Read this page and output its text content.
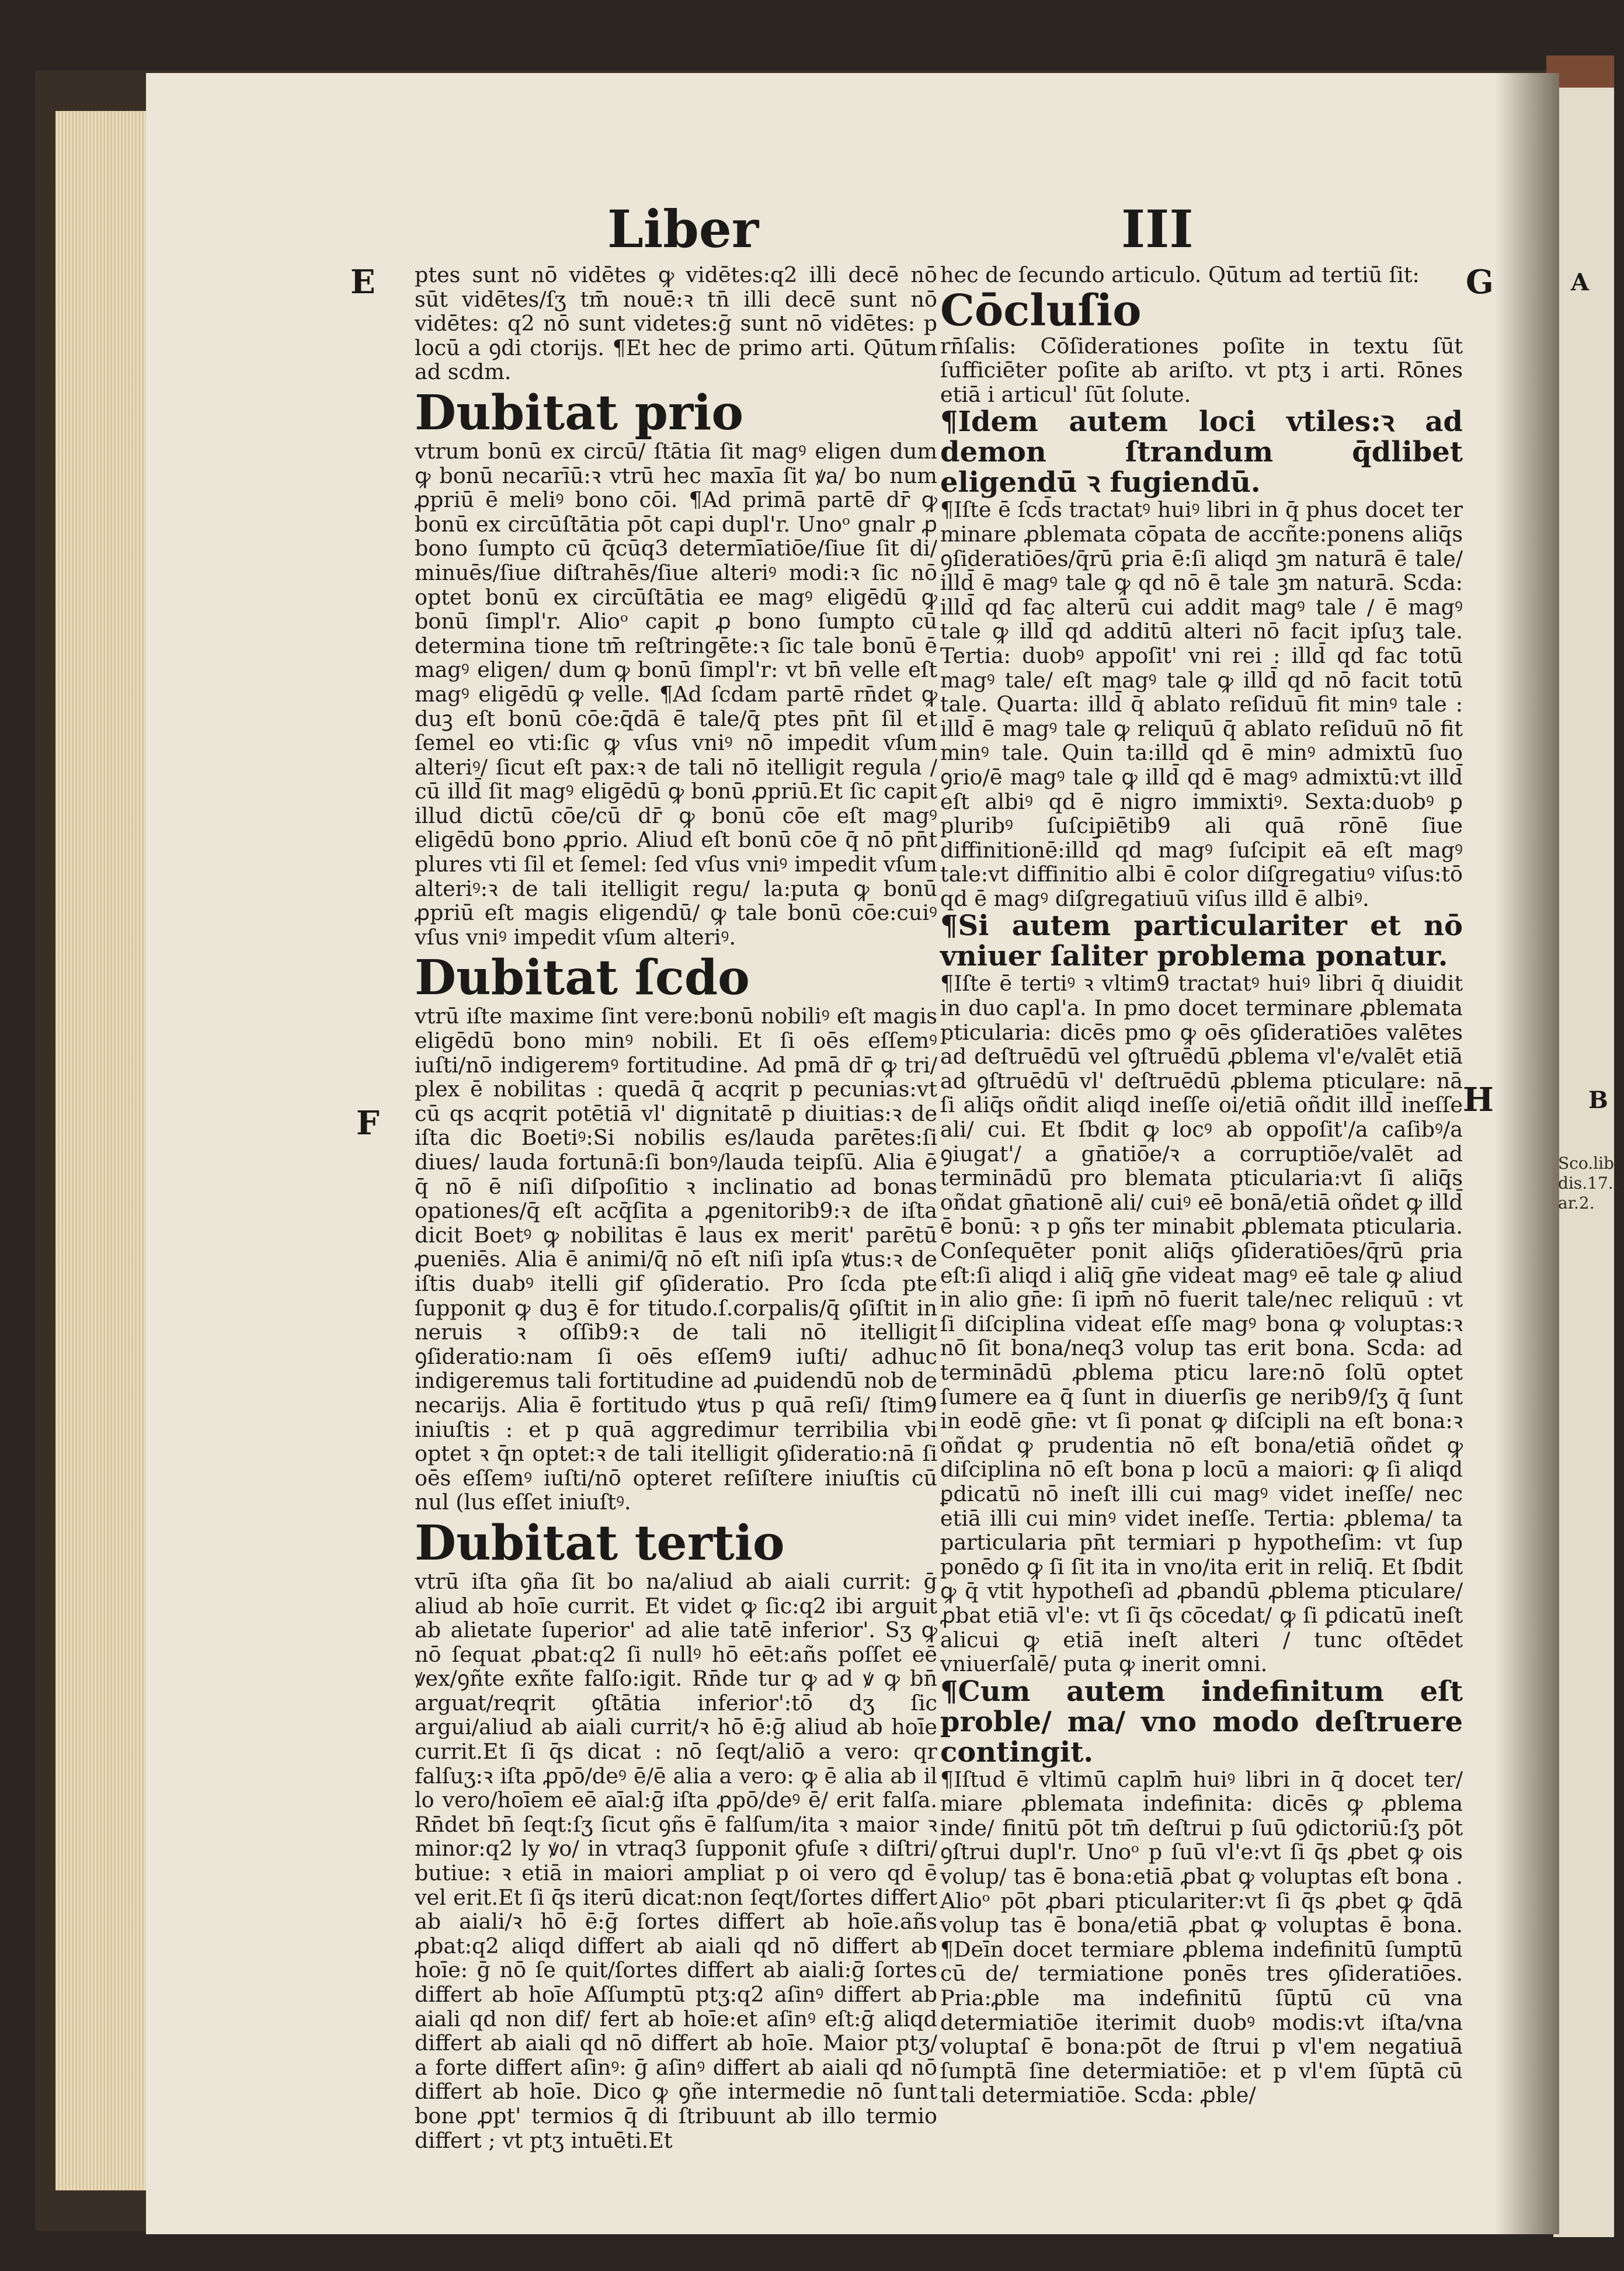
Liber	III
E
F
G
H
A
B
Sco.lib.
dis.17.q
ar.2.

ptes sunt nō vidētes ꝙ vidētes:q2 illi decē nō sūt vidētes/ſʒ tm̄ nouē:ꝛ tn̄ illi decē sunt nō vidētes: q2 nō sunt videtes:ḡ sunt nō vidētes: p locū a ꝯdi ctorijs. ¶Et hec de primo arti. Qūtum ad scdm.

Dubitat prio

vtrum bonū ex circū/ ſtātia ſit magꝰ eligen dum ꝙ bonū necarīū:ꝛ vtrū hec maxīa ſit ꝟa/ bo num ꝓpriū ē meliꝰ bono cōi. ¶Ad primā partē dr̄ ꝙ bonū ex circūſtātia pōt capi dupl'r. Unoᵒ gnalr ꝓ bono ſumpto cū q̄cūq3 determīatiōe/ſiue ſit di/ minuēs/ſiue diſtrahēs/ſiue alteriꝰ modi:ꝛ ſic nō optet bonū ex circūſtātia ee magꝰ eligēdū ꝙ bonū ſimpl'r. Alioᵒ capit ꝓ bono ſumpto cū determina tione tm̄ reſtringēte:ꝛ ſic tale bonū ē magꝰ eligen/ dum ꝙ bonū ſimpl'r: vt bn̄ velle eſt magꝰ eligēdū ꝙ velle. ¶Ad ſcdam partē rn̄det ꝙ duꝫ eſt bonū cōe:q̄dā ē tale/q̄ ptes pn̄t ſil et ſemel eo vti:ſic ꝙ vſus vniꝰ nō impedit vſum alteriꝰ/ ſicut eſt pax:ꝛ de tali nō itelligit regula / cū illd̄ ſit magꝰ eligēdū ꝙ bonū ꝓpriū.Et ſic capit illud dictū cōe/cū dr̄ ꝙ bonū cōe eſt magꝰ eligēdū bono ꝓprio. Aliud eſt bonū cōe q̄ nō pn̄t plures vti ſil et ſemel: ſed vſus vniꝰ impedit vſum alteriꝰ:ꝛ de tali itelligit regu/ la:puta ꝙ bonū ꝓpriū eſt magis eligendū/ ꝙ tale bonū cōe:cuiꝰ vſus vniꝰ impedit vſum alteriꝰ.

Dubitat ſcdo

vtrū iſte maxime ſint vere:bonū nobiliꝰ eſt magis eligēdū bono minꝰ nobili. Et ſi oēs eſſemꝰ iuſti/nō indigeremꝰ fortitudine. Ad pmā dr̄ ꝙ tri/ plex ē nobilitas : quedā q̄ acqrit p pecunias:vt cū qs acqrit potētiā vl' dignitatē p diuitias:ꝛ de iſta dic Boetiꝰ:Si nobilis es/lauda parētes:ſi diues/ lauda fortunā:ſi bonꝰ/lauda teipſū. Alia ē q̄ nō ē niſi diſpoſitio ꝛ inclinatio ad bonas opationes/q̄ eſt acq̄ſita a ꝓgenitorib9:ꝛ de iſta dicit Boetꝰ ꝙ nobilitas ē laus ex merit' parētū ꝓueniēs. Alia ē animi/q̄ nō eſt niſi ipſa ꝟtus:ꝛ de iſtis duabꝰ itelli gif ꝯſideratio. Pro ſcda pte ſupponit ꝙ duꝫ ē for titudo.ſ.corpalis/q̄ ꝯſiſtit in neruis ꝛ oſſib9:ꝛ de tali nō itelligit ꝯſideratio:nam ſi oēs eſſem9 iuſti/ adhuc indigeremus tali fortitudine ad ꝓuidendū nob de necarijs. Alia ē fortitudo ꝟtus p quā reſi/ ſtim9 iniuſtis : et p quā aggredimur terribilia vbi optet ꝛ q̄n optet:ꝛ de tali itelligit ꝯſideratio:nā ſi oēs eſſemꝰ iuſti/nō opteret reſiſtere iniuſtis cū nul (lus eſſet iniuſtꝰ.

Dubitat tertio

vtrū iſta ꝯña ſit bo na/aliud ab aiali currit: ḡ aliud ab hoīe currit. Et videt ꝙ ſic:q2 ibi arguit ab alietate ſuperior' ad alie tatē inferior'. Sʒ ꝙ nō ſequat ꝓbat:q2 ſi nullꝰ hō eēt:añs poſſet eē ꝟex/ꝯñte exñte falſo:igit. Rn̄de tur ꝙ ad ꝟ ꝙ bn̄ arguat/reqrit ꝯſtātia inferior':tō dʒ ſic argui/aliud ab aiali currit/ꝛ hō ē:ḡ aliud ab hoīe currit.Et ſi q̄s dicat : nō ſeqt/aliō a vero: qr falſuʒ:ꝛ iſta ꝓpō/deꝰ ē/ē alia a vero: ꝙ ē alia ab il lo vero/hoīem eē aīal:ḡ iſta ꝓpō/deꝰ ē/ erit falſa. Rn̄det bn̄ ſeqt:ſʒ ſicut ꝯñs ē falſum/ita ꝛ maior ꝛ minor:q2 ly ꝟo/ in vtraq3 ſupponit ꝯfuſe ꝛ diſtri/ butiue: ꝛ etiā in maiori ampliat p oi vero qd ē vel erit.Et ſi q̄s iterū dicat:non ſeqt/ſortes differt ab aiali/ꝛ hō ē:ḡ ſortes differt ab hoīe.añs ꝓbat:q2 aliqd differt ab aiali qd nō differt ab hoīe: ḡ nō ſe quit/ſortes differt ab aiali:ḡ ſortes differt ab hoīe Aſſumptū ptʒ:q2 aſinꝰ differt ab aiali qd non dif/ fert ab hoīe:et aſinꝰ eſt:ḡ aliqd differt ab aiali qd nō differt ab hoīe. Maior ptʒ/ a forte differt aſinꝰ: ḡ aſinꝰ differt ab aiali qd nō differt ab hoīe. Dico ꝙ ꝯñe intermedie nō ſunt bone ꝓpt' termios q̄ di ſtribuunt ab illo termio differt ; vt ptʒ intuēti.Et

hec de ſecundo articulo. Qūtum ad tertiū ſit:

Cōcluſio

rn̄ſalis: Cōſiderationes poſite in textu ſūt ſufficiēter poſite ab ariſto. vt ptʒ i arti. Rōnes etiā i articul' ſūt ſolute.

¶Idem autem loci vtiles:ꝛ ad demon ſtrandum q̄dlibet eligendū ꝛ fugiendū.

¶Iſte ē ſcd̄s tractatꝰ huiꝰ libri in q̄ phus docet ter minare ꝓblemata cōpata de accñte:ponens aliq̄s ꝯſideratiōes/q̄rū ꝑria ē:ſi aliqd ꝫm naturā ē tale/ illd̄ ē magꝰ tale ꝙ qd nō ē tale ꝫm naturā. Scda: illd̄ qd fac alterū cui addit magꝰ tale / ē magꝰ tale ꝙ illd̄ qd additū alteri nō facit ipſuʒ tale. Tertia: duobꝰ appoſit' vni rei : illd̄ qd fac totū magꝰ tale/ eſt magꝰ tale ꝙ illd̄ qd nō facit totū tale. Quarta: illd̄ q̄ ablato reſiduū fit minꝰ tale : illd̄ ē magꝰ tale ꝙ reliquū q̄ ablato reſiduū nō fit minꝰ tale. Quin ta:illd̄ qd ē minꝰ admixtū ſuo ꝯrio/ē magꝰ tale ꝙ illd̄ qd ē magꝰ admixtū:vt illd̄ eſt albiꝰ qd ē nigro immixtiꝰ. Sexta:duobꝰ ꝑ pluribꝰ ſuſcipiētib9 ali quā rōnē ſiue diffinitionē:illd̄ qd magꝰ ſuſcipit eā eſt magꝰ tale:vt diffinitio albi ē color diſgregatiuꝰ viſus:tō qd ē magꝰ diſgregatiuū viſus illd̄ ē albiꝰ.

¶Si autem particulariter et nō vniuer ſaliter problema ponatur.

¶Iſte ē tertiꝰ ꝛ vltim9 tractatꝰ huiꝰ libri q̄ diuidit in duo capl'a. In pmo docet terminare ꝓblemata pticularia: dicēs pmo ꝙ oēs ꝯſideratiōes valētes ad deſtruēdū vel ꝯſtruēdū ꝓblema vl'e/valēt etiā ad ꝯſtruēdū vl' deſtruēdū ꝓblema pticulare: nā ſi aliq̄s oñdit aliqd ineſſe oi/etiā oñdit illd̄ ineſſe ali/ cui. Et ſbdit ꝙ locꝰ ab oppoſit'/a caſibꝰ/a ꝯiugat'/ a gn̄atiōe/ꝛ a corruptiōe/valēt ad terminādū pro blemata pticularia:vt ſi aliq̄s oñdat gn̄ationē ali/ cuiꝰ eē bonā/etiā oñdet ꝙ illd̄ ē bonū: ꝛ p ꝯñs ter minabit ꝓblemata pticularia. Conſequēter ponit aliq̄s ꝯſideratiōes/q̄rū ꝑria eſt:ſi aliqd i aliq̄ gn̄e videat magꝰ eē tale ꝙ aliud in alio gn̄e: ſi ipm̄ nō fuerit tale/nec reliquū : vt ſi diſciplina videat eſſe magꝰ bona ꝙ voluptas:ꝛ nō ſit bona/neq3 volup tas erit bona. Scda: ad terminādū ꝓblema pticu lare:nō ſolū optet ſumere ea q̄ ſunt in diuerſis ge nerib9/ſʒ q̄ ſunt in eodē gn̄e: vt ſi ponat ꝙ diſcipli na eſt bona:ꝛ oñdat ꝙ prudentia nō eſt bona/etiā oñdet ꝙ diſciplina nō eſt bona p locū a maiori: ꝙ ſi aliqd ꝑdicatū nō ineſt illi cui magꝰ videt ineſſe/ nec etiā illi cui minꝰ videt ineſſe. Tertia: ꝓblema/ ta particularia pn̄t termiari p hypotheſim: vt ſup ponēdo ꝙ ſi ſit ita in vno/ita erit in reliq̄. Et ſbdit ꝙ q̄ vtit hypotheſi ad ꝓbandū ꝓblema pticulare/ ꝓbat etiā vl'e: vt ſi q̄s cōcedat/ ꝙ ſi ꝑdicatū ineſt alicui ꝙ etiā ineſt alteri / tunc oſtēdet vniuerſalē/ puta ꝙ inerit omni.

¶Cum autem indefinitum eſt proble/ ma/ vno modo deſtruere contingit.

¶Iſtud ē vltimū caplm̄ huiꝰ libri in q̄ docet ter/ miare ꝓblemata indefinita: dicēs ꝙ ꝓblema inde/ finitū pōt tm̄ deſtrui p ſuū ꝯdictoriū:ſʒ pōt ꝯſtrui dupl'r. Unoᵒ p ſuū vl'e:vt ſi q̄s ꝓbet ꝙ ois volup/ tas ē bona:etiā ꝓbat ꝙ voluptas eſt bona . Alioᵒ pōt ꝓbari pticulariter:vt ſi q̄s ꝓbet ꝙ q̄dā volup tas ē bona/etiā ꝓbat ꝙ voluptas ē bona. ¶Deīn docet termiare ꝓblema indefinitū ſumptū cū de/ termiatione ponēs tres ꝯſideratiōes. Pria:ꝓble ma indefinitū ſūptū cū vna determiatiōe iterimit duobꝰ modis:vt iſta/vna voluptaſ ē bona:pōt de ſtrui p vl'em negatiuā ſumptā ſine determiatiōe: et p vl'em ſūptā cū tali determiatiōe. Scda: ꝓble/
